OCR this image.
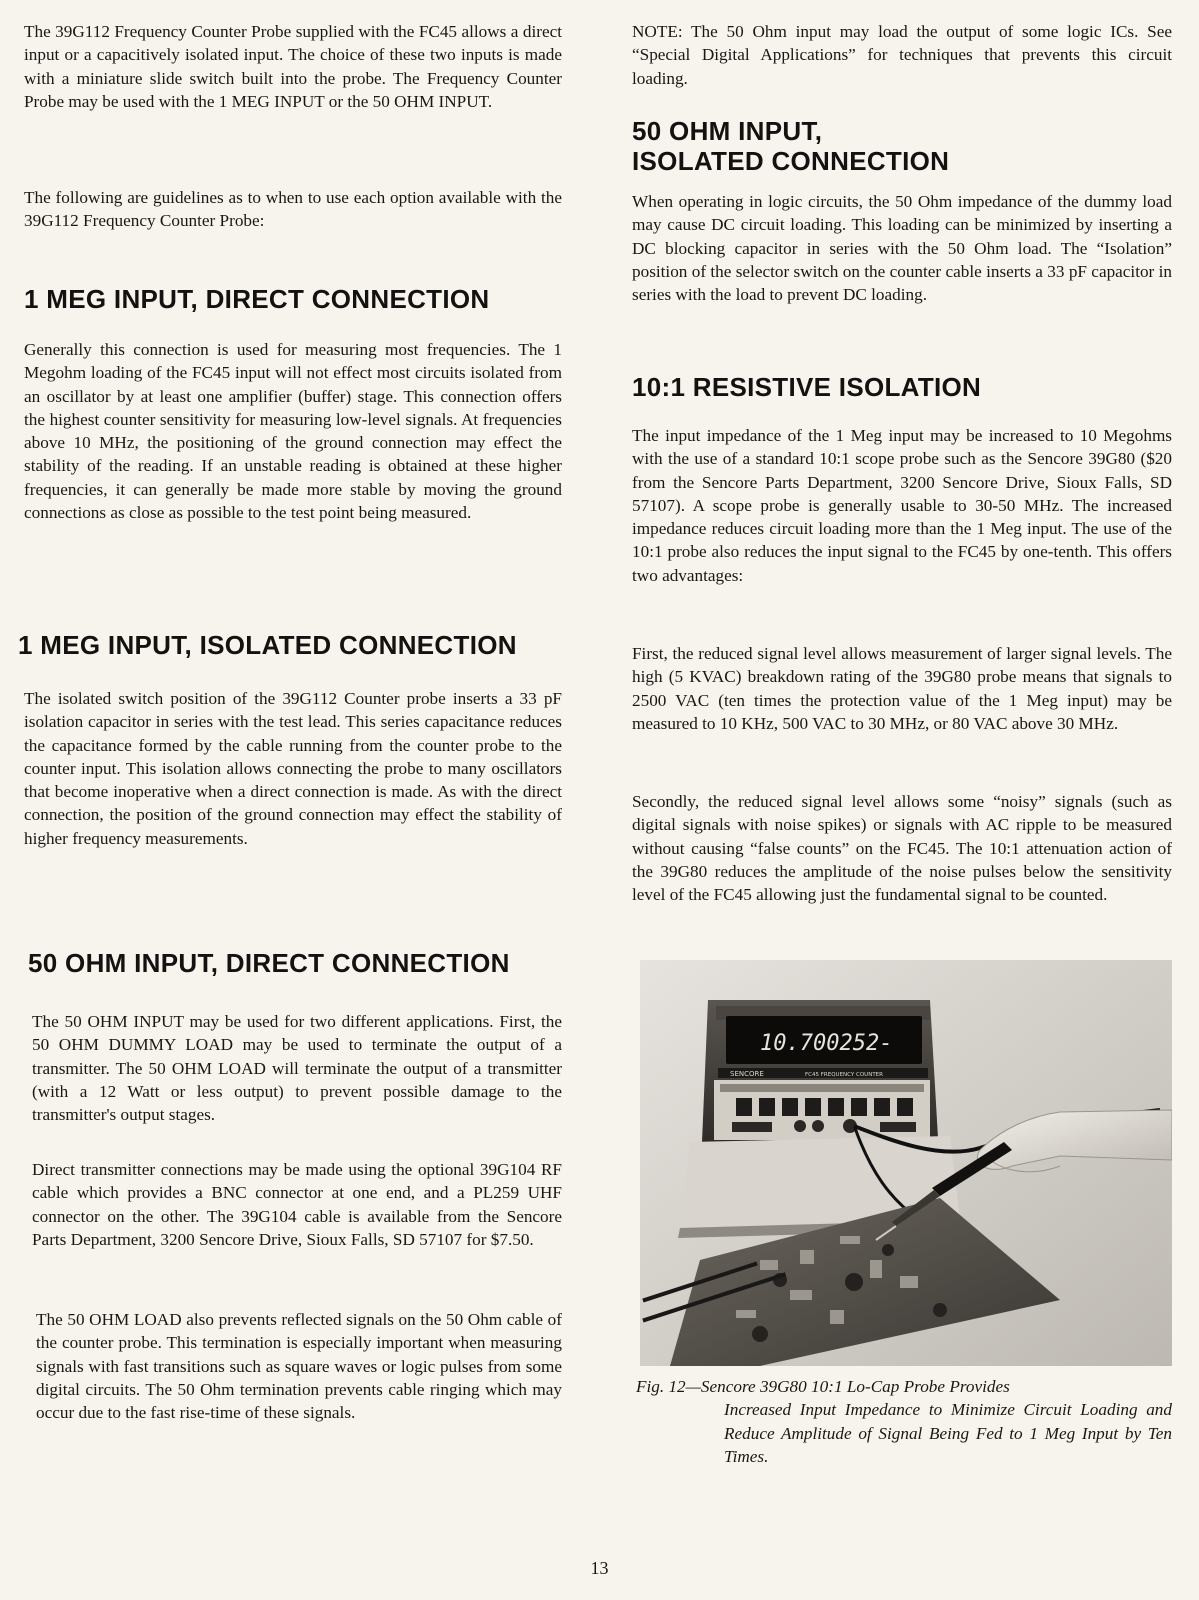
The 39G112 Frequency Counter Probe supplied with the FC45 allows a direct input or a capacitively isolated input. The choice of these two inputs is made with a miniature slide switch built into the probe. The Frequency Counter Probe may be used with the 1 MEG INPUT or the 50 OHM INPUT.

The following are guidelines as to when to use each option available with the 39G112 Frequency Counter Probe:

1 MEG INPUT, DIRECT CONNECTION

Generally this connection is used for measuring most frequencies. The 1 Megohm loading of the FC45 input will not effect most circuits isolated from an oscillator by at least one amplifier (buffer) stage. This connection offers the highest counter sensitivity for measuring low-level signals. At frequencies above 10 MHz, the positioning of the ground connection may effect the stability of the reading. If an unstable reading is obtained at these higher frequencies, it can generally be made more stable by moving the ground connections as close as possible to the test point being measured.

1 MEG INPUT, ISOLATED CONNECTION

The isolated switch position of the 39G112 Counter probe inserts a 33 pF isolation capacitor in series with the test lead. This series capacitance reduces the capacitance formed by the cable running from the counter probe to the counter input. This isolation allows connecting the probe to many oscillators that become inoperative when a direct connection is made. As with the direct connection, the position of the ground connection may effect the stability of higher frequency measurements.

50 OHM INPUT, DIRECT CONNECTION

The 50 OHM INPUT may be used for two different applications. First, the 50 OHM DUMMY LOAD may be used to terminate the output of a transmitter. The 50 OHM LOAD will terminate the output of a transmitter (with a 12 Watt or less output) to prevent possible damage to the transmitter's output stages.

Direct transmitter connections may be made using the optional 39G104 RF cable which provides a BNC connector at one end, and a PL259 UHF connector on the other. The 39G104 cable is available from the Sencore Parts Department, 3200 Sencore Drive, Sioux Falls, SD 57107 for $7.50.

The 50 OHM LOAD also prevents reflected signals on the 50 Ohm cable of the counter probe. This termination is especially important when measuring signals with fast transitions such as square waves or logic pulses from some digital circuits. The 50 Ohm termination prevents cable ringing which may occur due to the fast rise-time of these signals.

NOTE: The 50 Ohm input may load the output of some logic ICs. See “Special Digital Applications” for techniques that prevents this circuit loading.

50 OHM INPUT,
ISOLATED CONNECTION

When operating in logic circuits, the 50 Ohm impedance of the dummy load may cause DC circuit loading. This loading can be minimized by inserting a DC blocking capacitor in series with the 50 Ohm load. The “Isolation” position of the selector switch on the counter cable inserts a 33 pF capacitor in series with the load to prevent DC loading.

10:1 RESISTIVE ISOLATION

The input impedance of the 1 Meg input may be increased to 10 Megohms with the use of a standard 10:1 scope probe such as the Sencore 39G80 ($20 from the Sencore Parts Department, 3200 Sencore Drive, Sioux Falls, SD 57107). A scope probe is generally usable to 30-50 MHz. The increased impedance reduces circuit loading more than the 1 Meg input. The use of the 10:1 probe also reduces the input signal to the FC45 by one-tenth. This offers two advantages:

First, the reduced signal level allows measurement of larger signal levels. The high (5 KVAC) breakdown rating of the 39G80 probe means that signals to 2500 VAC (ten times the protection value of the 1 Meg input) may be measured to 10 KHz, 500 VAC to 30 MHz, or 80 VAC above 30 MHz.

Secondly, the reduced signal level allows some “noisy” signals (such as digital signals with noise spikes) or signals with AC ripple to be measured without causing “false counts” on the FC45. The 10:1 attenuation action of the 39G80 reduces the amplitude of the noise pulses below the sensitivity level of the FC45 allowing just the fundamental signal to be counted.

10.700252-
SENCORE	FC45 FREQUENCY COUNTER
Fig. 12—Sencore 39G80 10:1 Lo-Cap Probe Provides
Increased Input Impedance to Minimize Circuit Loading and Reduce Amplitude of Signal Being Fed to 1 Meg Input by Ten Times.
13
